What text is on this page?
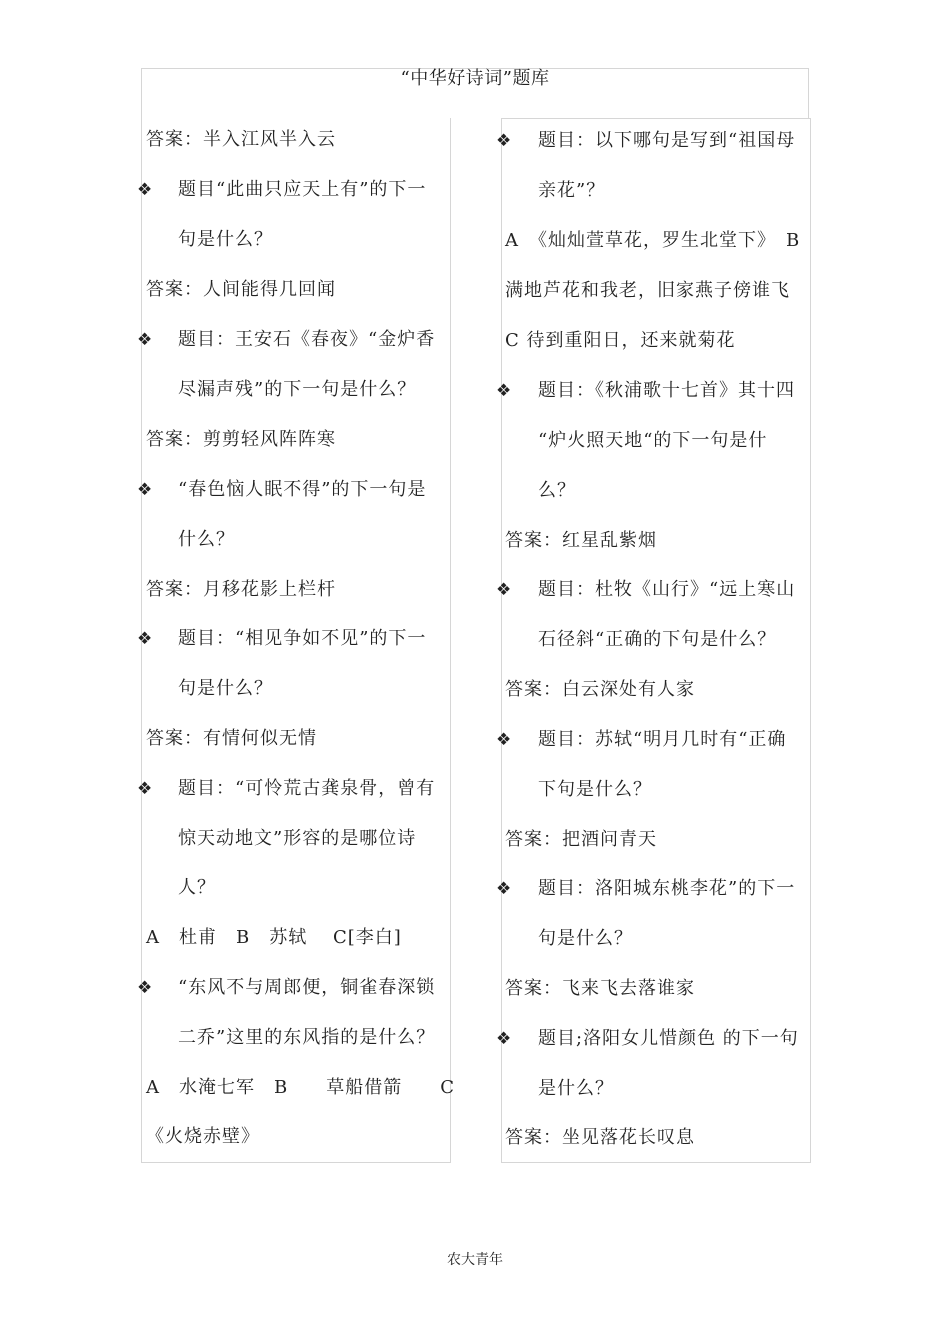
“中华好诗词”题库
答案：半入江风半入云
❖ 题目“此曲只应天上有”的下一
句是什么？
答案：人间能得几回闻
❖ 题目：王安石《春夜》“金炉香
尽漏声残”的下一句是什么？
答案：剪剪轻风阵阵寒
❖ “春色恼人眠不得”的下一句是
什么？
答案：月移花影上栏杆
❖ 题目：“相见争如不见”的下一
句是什么？
答案：有情何似无情
❖ 题目：“可怜荒古龚泉骨，曾有
惊天动地文”形容的是哪位诗
人？
A　杜甫　B　苏轼　 C[李白]
❖ “东风不与周郎便，铜雀春深锁
二乔”这里的东风指的是什么？
A　水淹七军　B　　草船借箭　　C
《火烧赤壁》
❖ 题目：以下哪句是写到“祖国母
亲花”？
A　《灿灿萱草花，罗生北堂下》　B
满地芦花和我老，旧家燕子傍谁飞
C 待到重阳日，还来就菊花
❖ 题目：《秋浦歌十七首》其十四
“炉火照天地“的下一句是什
么？
答案：红星乱紫烟
❖ 题目：杜牧《山行》“远上寒山
石径斜“正确的下句是什么？
答案：白云深处有人家
❖ 题目：苏轼“明月几时有“正确
下句是什么？
答案：把酒问青天
❖ 题目：洛阳城东桃李花”的下一
句是什么？
答案：飞来飞去落谁家
❖ 题目;洛阳女儿惜颜色 的下一句
是什么？
答案：坐见落花长叹息
农大青年
